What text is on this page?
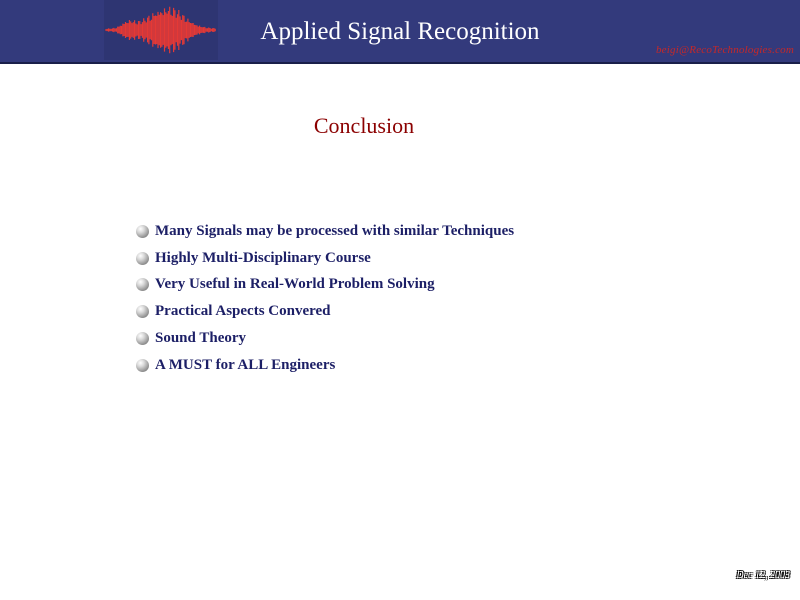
Applied Signal Recognition
beigi@RecoTechnologies.com
Conclusion
Many Signals may be processed with similar Techniques
Highly Multi-Disciplinary Course
Very Useful in Real-World Problem Solving
Practical Aspects Convered
Sound Theory
A MUST for ALL Engineers
Dec 12, 2003
